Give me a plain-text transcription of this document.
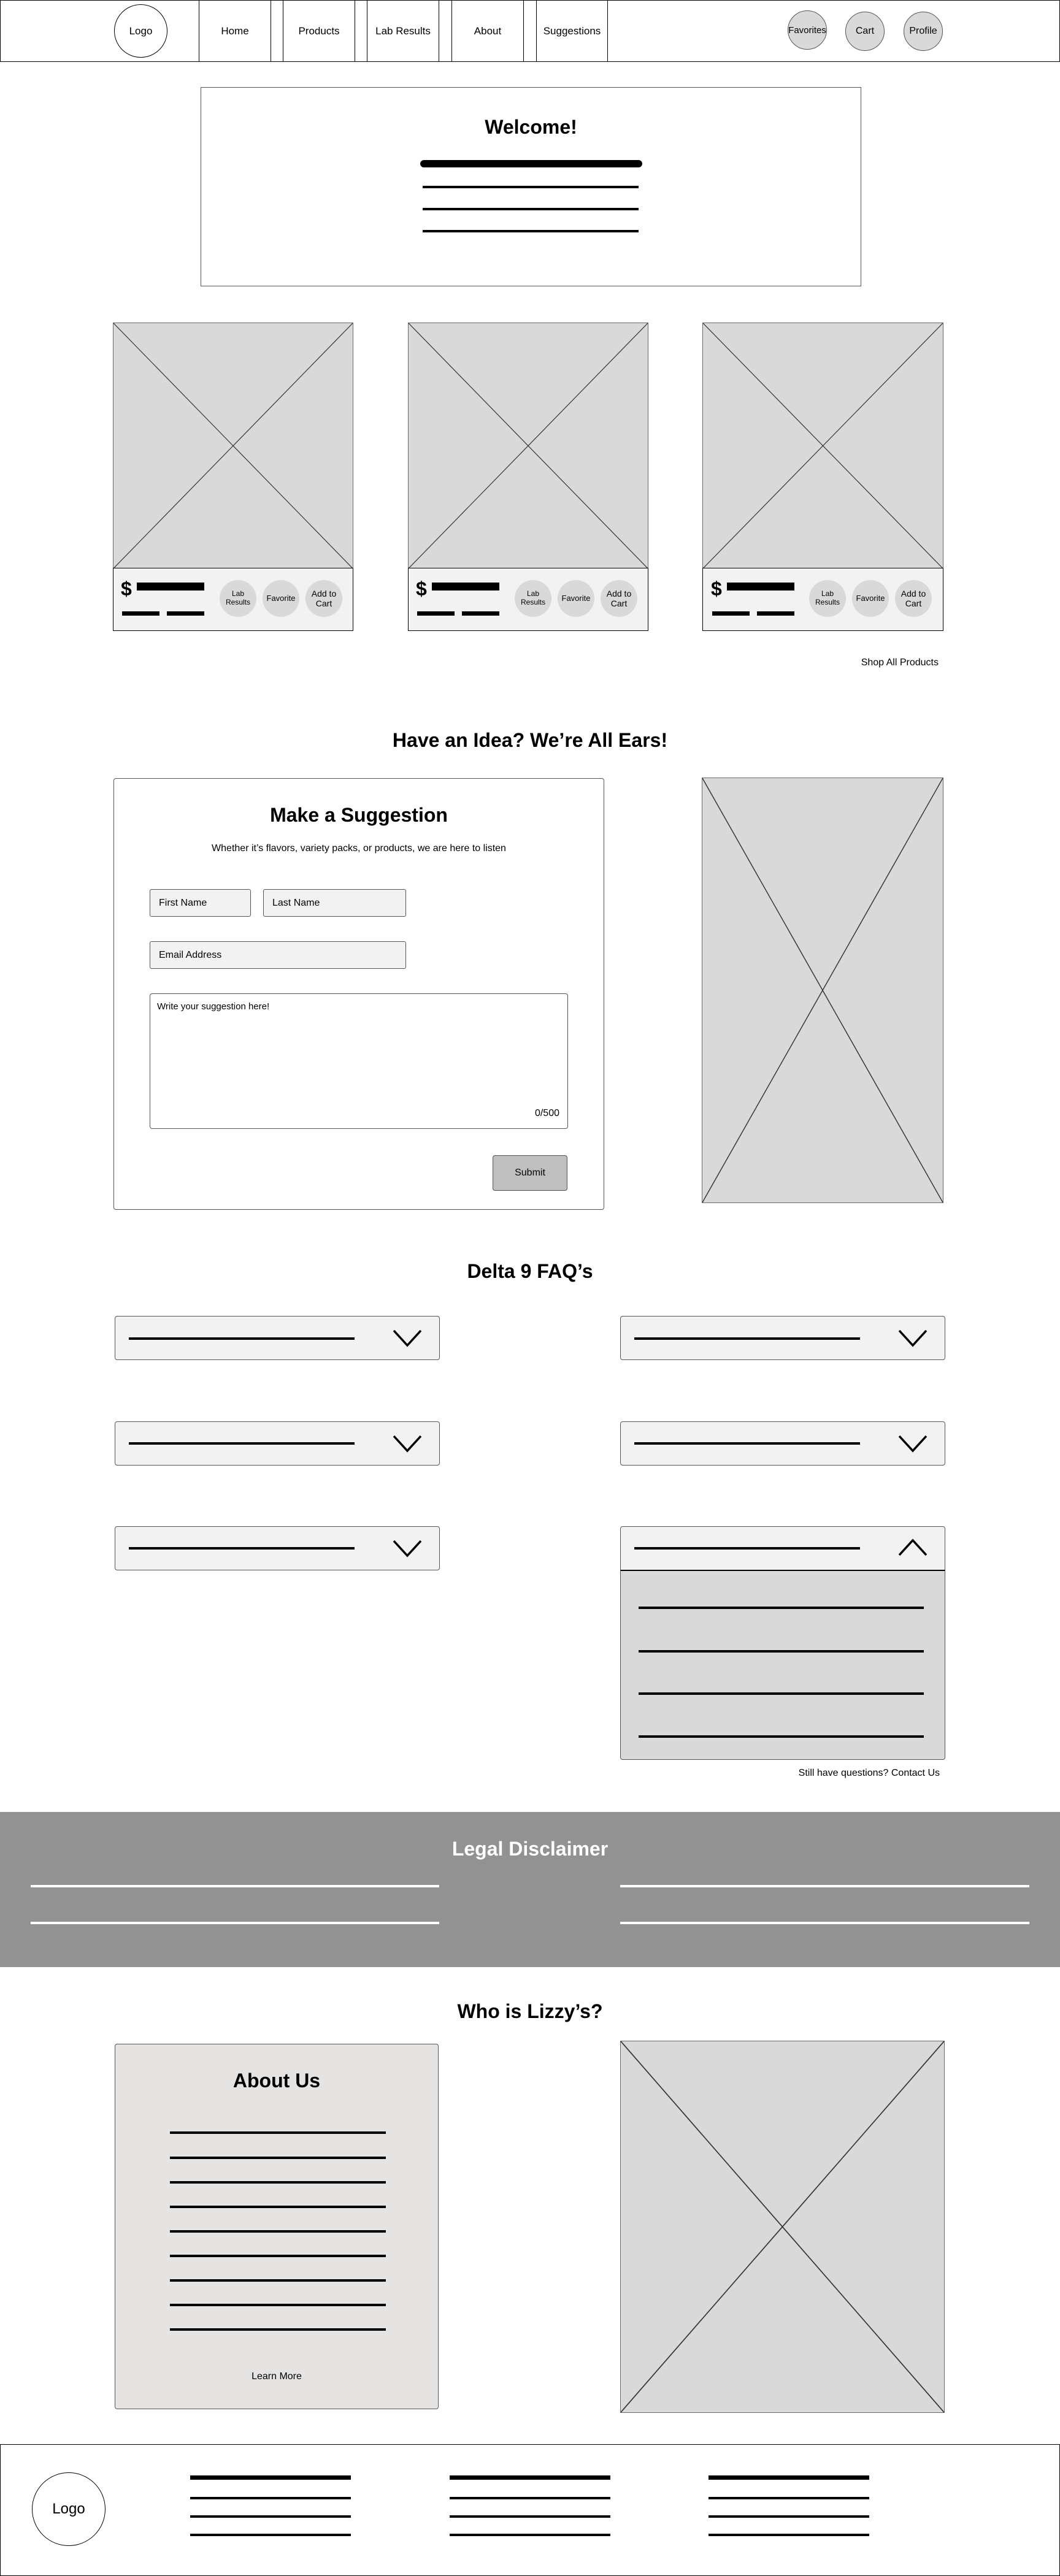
Logo	Home	Products	Lab Results	About	Suggestions	Favorites	Cart	Profile
Welcome!
$	Lab Results	Favorite	Add to Cart
$	Lab Results	Favorite	Add to Cart
$	Lab Results	Favorite	Add to Cart
Shop All Products
Have an Idea? We’re All Ears!
Make a Suggestion
Whether it’s flavors, variety packs, or products, we are here to listen
First Name	Last Name
Email Address
Write your suggestion here!
0/500
Submit
Delta 9 FAQ’s
Still have questions? Contact Us
Legal Disclaimer
Who is Lizzy’s?
About Us
Learn More
Logo
